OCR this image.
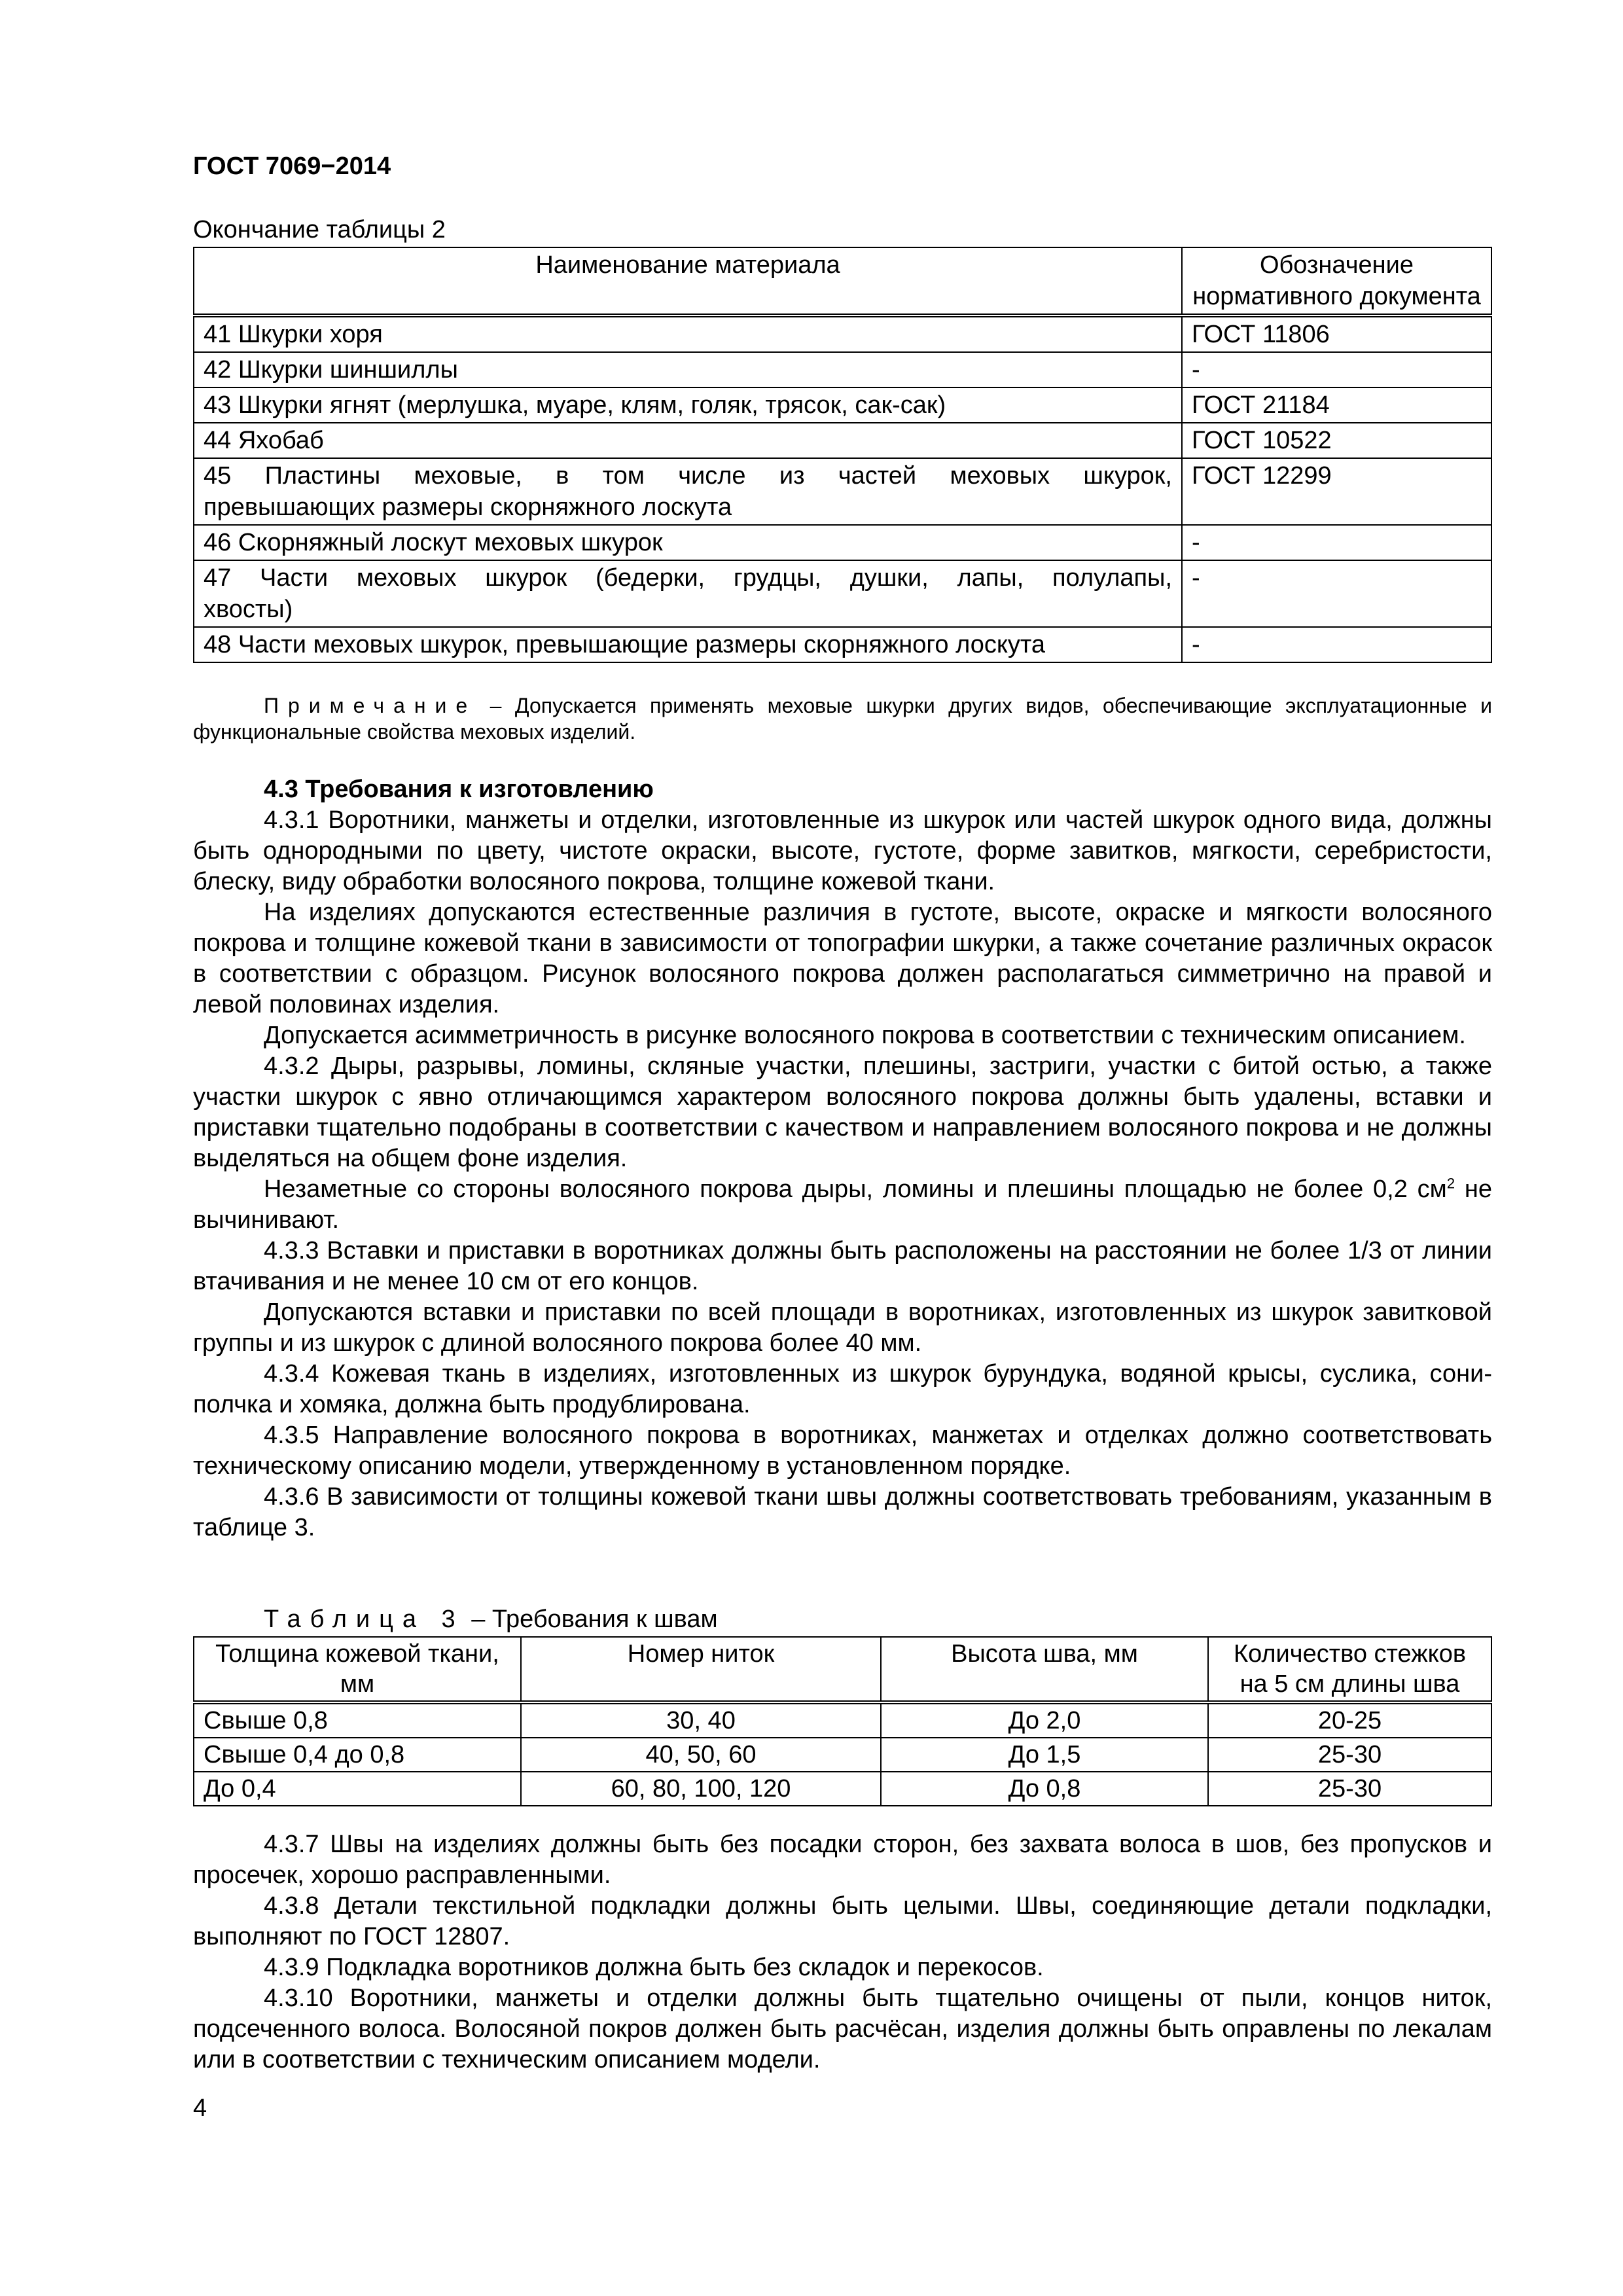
ГОСТ 7069−2014
Окончание таблицы 2
Наименование материала	Обозначение нормативного документа
41 Шкурки хоря	ГОСТ 11806
42 Шкурки шиншиллы	-
43 Шкурки ягнят (мерлушка, муаре, клям, голяк, трясок, сак-сак)	ГОСТ 21184
44 Яхобаб	ГОСТ 10522

45 Пластины меховые, в том числе из частей меховых шкурок,
превышающих размеры скорняжного лоскута	ГОСТ 12299
46 Скорняжный лоскут меховых шкурок	-

47 Части меховых шкурок (бедерки, грудцы, душки, лапы, полулапы,
хвосты)	-
48 Части меховых шкурок, превышающие размеры скорняжного лоскута	-
Примечание – Допускается применять меховые шкурки других видов, обеспечивающие эксплуатационные и функциональные свойства меховых изделий.

4.3 Требования к изготовлению

4.3.1 Воротники, манжеты и отделки, изготовленные из шкурок или частей шкурок одного вида, должны быть однородными по цвету, чистоте окраски, высоте, густоте, форме завитков, мягкости, серебристости, блеску, виду обработки волосяного покрова, толщине кожевой ткани.

На изделиях допускаются естественные различия в густоте, высоте, окраске и мягкости волосяного покрова и толщине кожевой ткани в зависимости от топографии шкурки, а также сочетание различных окрасок в соответствии с образцом. Рисунок волосяного покрова должен располагаться симметрично на правой и левой половинах изделия.

Допускается асимметричность в рисунке волосяного покрова в соответствии с техническим описанием.

4.3.2 Дыры, разрывы, ломины, скляные участки, плешины, застриги, участки с битой остью, а также участки шкурок с явно отличающимся характером волосяного покрова должны быть удалены, вставки и приставки тщательно подобраны в соответствии с качеством и направлением волосяного покрова и не должны выделяться на общем фоне изделия.

Незаметные со стороны волосяного покрова дыры, ломины и плешины площадью не более 0,2 $см^2$ не вычинивают.

4.3.3 Вставки и приставки в воротниках должны быть расположены на расстоянии не более 1/3 от линии втачивания и не менее 10 см от его концов.

Допускаются вставки и приставки по всей площади в воротниках, изготовленных из шкурок завитковой группы и из шкурок с длиной волосяного покрова более 40 мм.

4.3.4 Кожевая ткань в изделиях, изготовленных из шкурок бурундука, водяной крысы, суслика, сони-полчка и хомяка, должна быть продублирована.

4.3.5 Направление волосяного покрова в воротниках, манжетах и отделках должно соответствовать техническому описанию модели, утвержденному в установленном порядке.

4.3.6 В зависимости от толщины кожевой ткани швы должны соответствовать требованиям, указанным в таблице 3.

Таблица 3 – Требования к швам
Толщина кожевой ткани, мм	Номер ниток	Высота шва, мм	Количество стежков на 5 см длины шва
Свыше 0,8	30, 40	До 2,0	20-25
Свыше 0,4 до 0,8	40, 50, 60	До 1,5	25-30
До 0,4	60, 80, 100, 120	До 0,8	25-30

4.3.7 Швы на изделиях должны быть без посадки сторон, без захвата волоса в шов, без пропусков и просечек, хорошо расправленными.

4.3.8 Детали текстильной подкладки должны быть целыми. Швы, соединяющие детали подкладки, выполняют по ГОСТ 12807.

4.3.9 Подкладка воротников должна быть без складок и перекосов.

4.3.10 Воротники, манжеты и отделки должны быть тщательно очищены от пыли, концов ниток, подсеченного волоса. Волосяной покров должен быть расчёсан, изделия должны быть оправлены по лекалам или в соответствии с техническим описанием модели.

4
